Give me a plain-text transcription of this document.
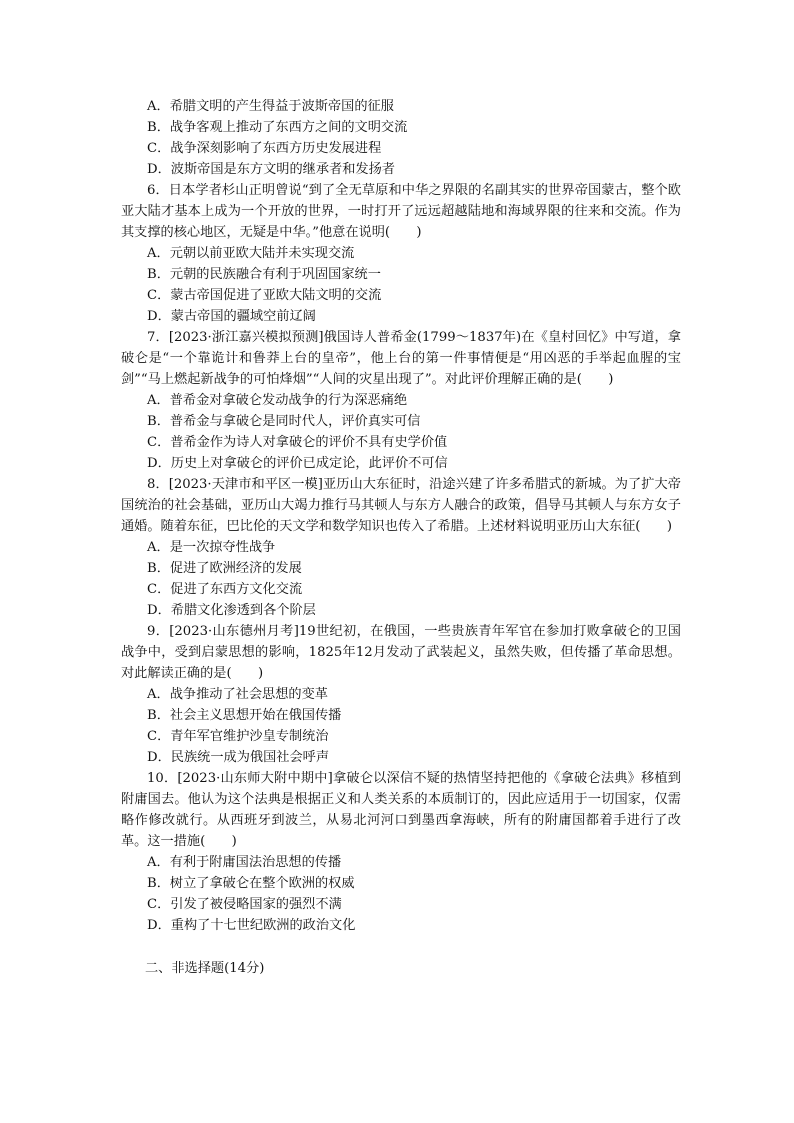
A．希腊文明的产生得益于波斯帝国的征服
B．战争客观上推动了东西方之间的文明交流
C．战争深刻影响了东西方历史发展进程
D．波斯帝国是东方文明的继承者和发扬者
6．日本学者杉山正明曾说“到了全无草原和中华之界限的名副其实的世界帝国蒙古，整个欧亚大陆才基本上成为一个开放的世界，一时打开了远远超越陆地和海域界限的往来和交流。作为其支撑的核心地区，无疑是中华。”他意在说明(　　)
A．元朝以前亚欧大陆并未实现交流
B．元朝的民族融合有利于巩固国家统一
C．蒙古帝国促进了亚欧大陆文明的交流
D．蒙古帝国的疆域空前辽阔
7．[2023·浙江嘉兴模拟预测]俄国诗人普希金(1799～1837年)在《皇村回忆》中写道，拿破仑是“一个靠诡计和鲁莽上台的皇帝”，他上台的第一件事情便是“用凶恶的手举起血腥的宝剑”“马上燃起新战争的可怕烽烟”“人间的灾星出现了”。对此评价理解正确的是(　　)
A．普希金对拿破仑发动战争的行为深恶痛绝
B．普希金与拿破仑是同时代人，评价真实可信
C．普希金作为诗人对拿破仑的评价不具有史学价值
D．历史上对拿破仑的评价已成定论，此评价不可信
8．[2023·天津市和平区一模]亚历山大东征时，沿途兴建了许多希腊式的新城。为了扩大帝国统治的社会基础，亚历山大竭力推行马其顿人与东方人融合的政策，倡导马其顿人与东方女子通婚。随着东征，巴比伦的天文学和数学知识也传入了希腊。上述材料说明亚历山大东征(　　)
A．是一次掠夺性战争
B．促进了欧洲经济的发展
C．促进了东西方文化交流
D．希腊文化渗透到各个阶层
9．[2023·山东德州月考]19世纪初，在俄国，一些贵族青年军官在参加打败拿破仑的卫国战争中，受到启蒙思想的影响，1825年12月发动了武装起义，虽然失败，但传播了革命思想。对此解读正确的是(　　)
A．战争推动了社会思想的变革
B．社会主义思想开始在俄国传播
C．青年军官维护沙皇专制统治
D．民族统一成为俄国社会呼声
10．[2023·山东师大附中期中]拿破仑以深信不疑的热情坚持把他的《拿破仑法典》移植到附庸国去。他认为这个法典是根据正义和人类关系的本质制订的，因此应适用于一切国家，仅需略作修改就行。从西班牙到波兰，从易北河河口到墨西拿海峡，所有的附庸国都着手进行了改革。这一措施(　　)
A．有利于附庸国法治思想的传播
B．树立了拿破仑在整个欧洲的权威
C．引发了被侵略国家的强烈不满
D．重构了十七世纪欧洲的政治文化
二、非选择题(14分)
